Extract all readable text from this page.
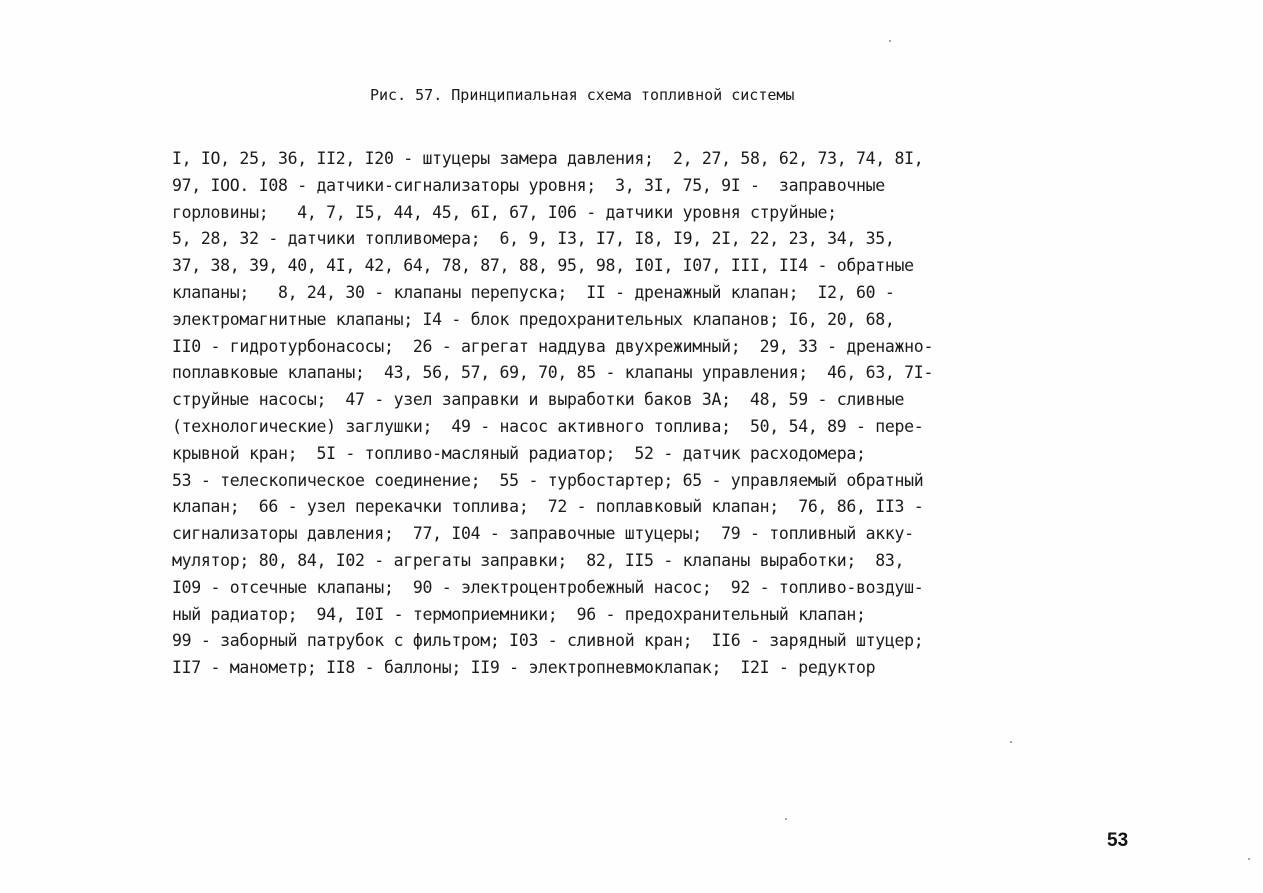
Рис. 57. Принципиальная схема топливной системы
I, IO, 25, 36, II2, I20 - штуцеры замера давления;  2, 27, 58, 62, 73, 74, 8I,
97, IOO. I08 - датчики-сигнализаторы уровня;  3, 3I, 75, 9I -  заправочные
горловины;   4, 7, I5, 44, 45, 6I, 67, I06 - датчики уровня струйные;
5, 28, 32 - датчики топливомера;  6, 9, I3, I7, I8, I9, 2I, 22, 23, 34, 35,
37, 38, 39, 40, 4I, 42, 64, 78, 87, 88, 95, 98, I0I, I07, III, II4 - обратные
клапаны;   8, 24, 30 - клапаны перепуска;  II - дренажный клапан;  I2, 60 -
электромагнитные клапаны; I4 - блок предохранительных клапанов; I6, 20, 68,
II0 - гидротурбонасосы;  26 - агрегат наддува двухрежимный;  29, 33 - дренажно-
поплавковые клапаны;  43, 56, 57, 69, 70, 85 - клапаны управления;  46, 63, 7I-
струйные насосы;  47 - узел заправки и выработки баков ЗА;  48, 59 - сливные
(технологические) заглушки;  49 - насос активного топлива;  50, 54, 89 - пере-
крывной кран;  5I - топливо-масляный радиатор;  52 - датчик расходомера;
53 - телескопическое соединение;  55 - турбостартер; 65 - управляемый обратный
клапан;  66 - узел перекачки топлива;  72 - поплавковый клапан;  76, 86, II3 -
сигнализаторы давления;  77, I04 - заправочные штуцеры;  79 - топливный акку-
мулятор; 80, 84, I02 - агрегаты заправки;  82, II5 - клапаны выработки;  83,
I09 - отсечные клапаны;  90 - электроцентробежный насос;  92 - топливо-воздуш-
ный радиатор;  94, I0I - термоприемники;  96 - предохранительный клапан;
99 - заборный патрубок с фильтром; I03 - сливной кран;  II6 - зарядный штуцер;
II7 - манометр; II8 - баллоны; II9 - электропневмоклапак;  I2I - редуктор
53
